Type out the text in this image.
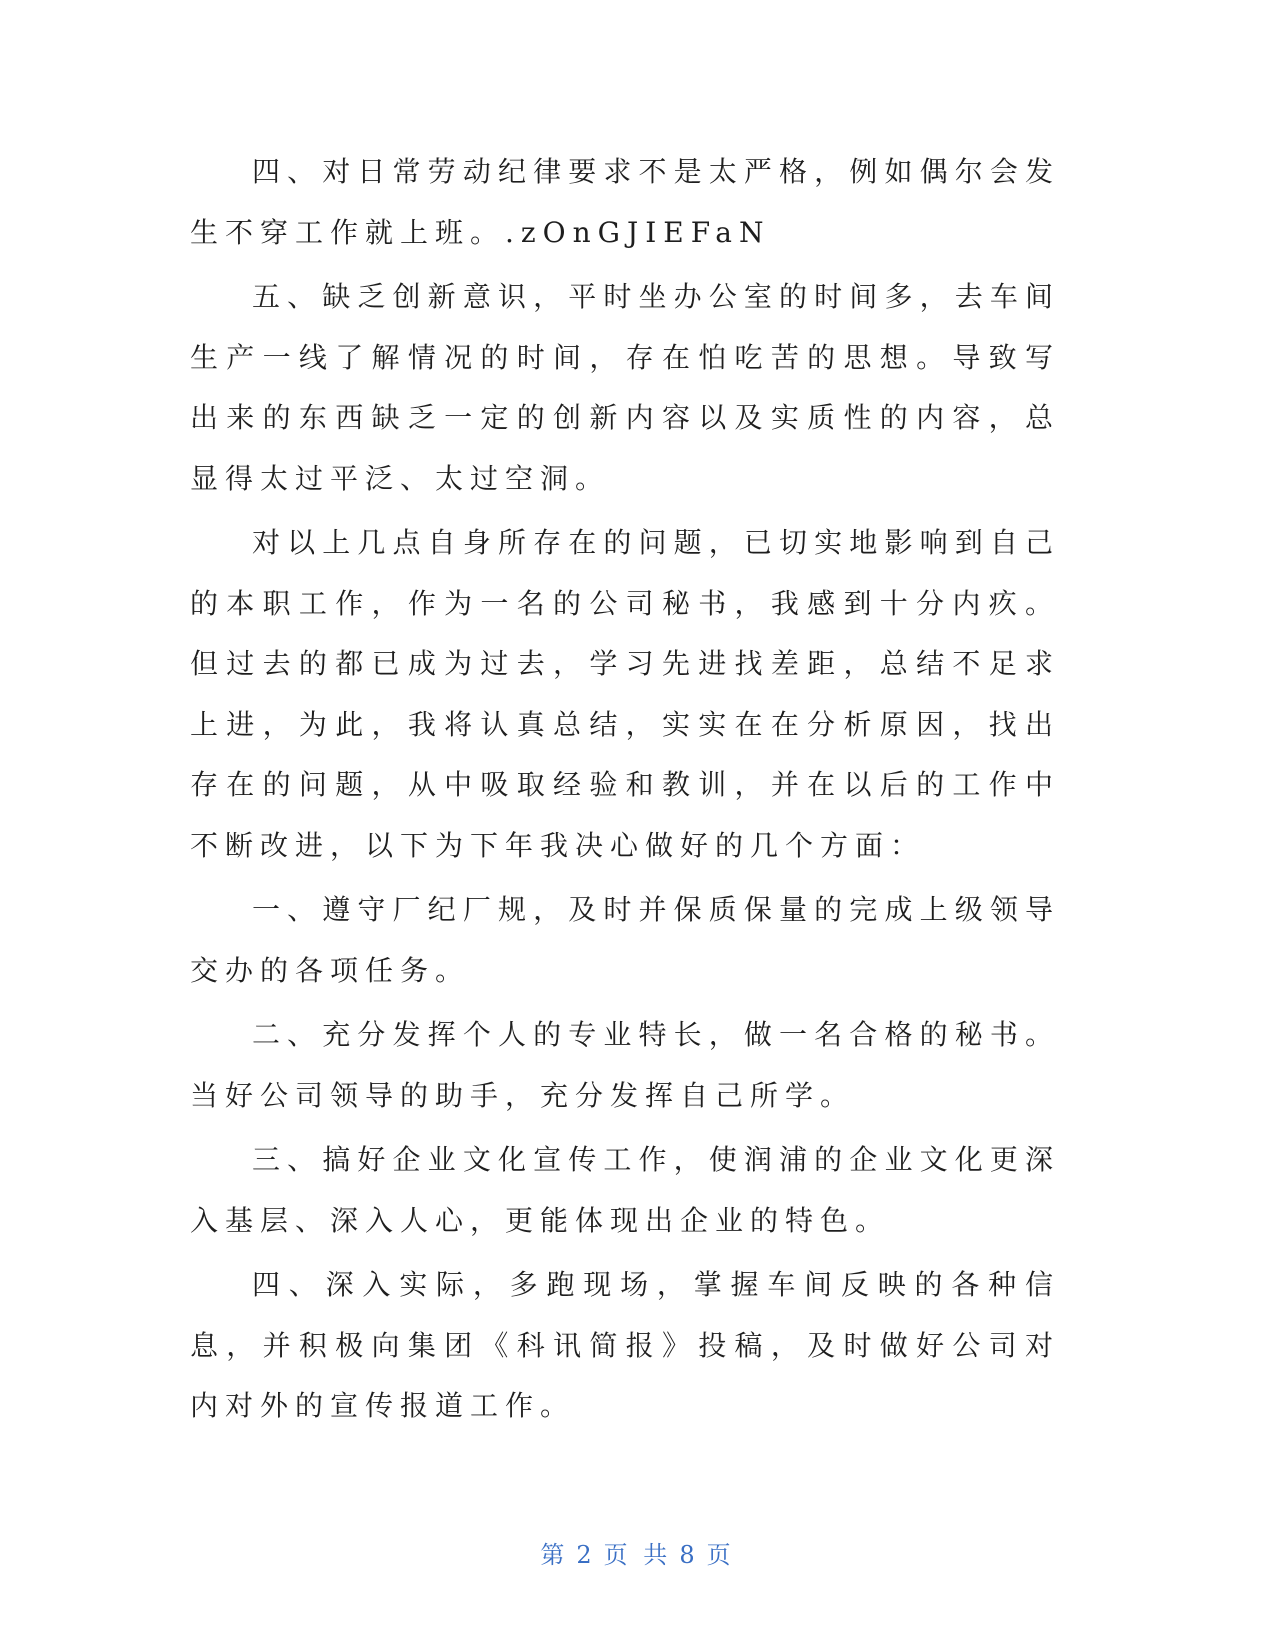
四、对日常劳动纪律要求不是太严格，例如偶尔会发生不穿工作就上班。.zOnGJIEFaN

五、缺乏创新意识，平时坐办公室的时间多，去车间生产一线了解情况的时间，存在怕吃苦的思想。导致写出来的东西缺乏一定的创新内容以及实质性的内容，总显得太过平泛、太过空洞。

对以上几点自身所存在的问题，已切实地影响到自己的本职工作，作为一名的公司秘书，我感到十分内疚。但过去的都已成为过去，学习先进找差距，总结不足求上进，为此，我将认真总结，实实在在分析原因，找出存在的问题，从中吸取经验和教训，并在以后的工作中不断改进，以下为下年我决心做好的几个方面：

一、遵守厂纪厂规，及时并保质保量的完成上级领导交办的各项任务。

二、充分发挥个人的专业特长，做一名合格的秘书。当好公司领导的助手，充分发挥自己所学。

三、搞好企业文化宣传工作，使润浦的企业文化更深入基层、深入人心，更能体现出企业的特色。

四、深入实际，多跑现场，掌握车间反映的各种信息，并积极向集团《科讯简报》投稿，及时做好公司对内对外的宣传报道工作。

第 2 页 共 8 页
